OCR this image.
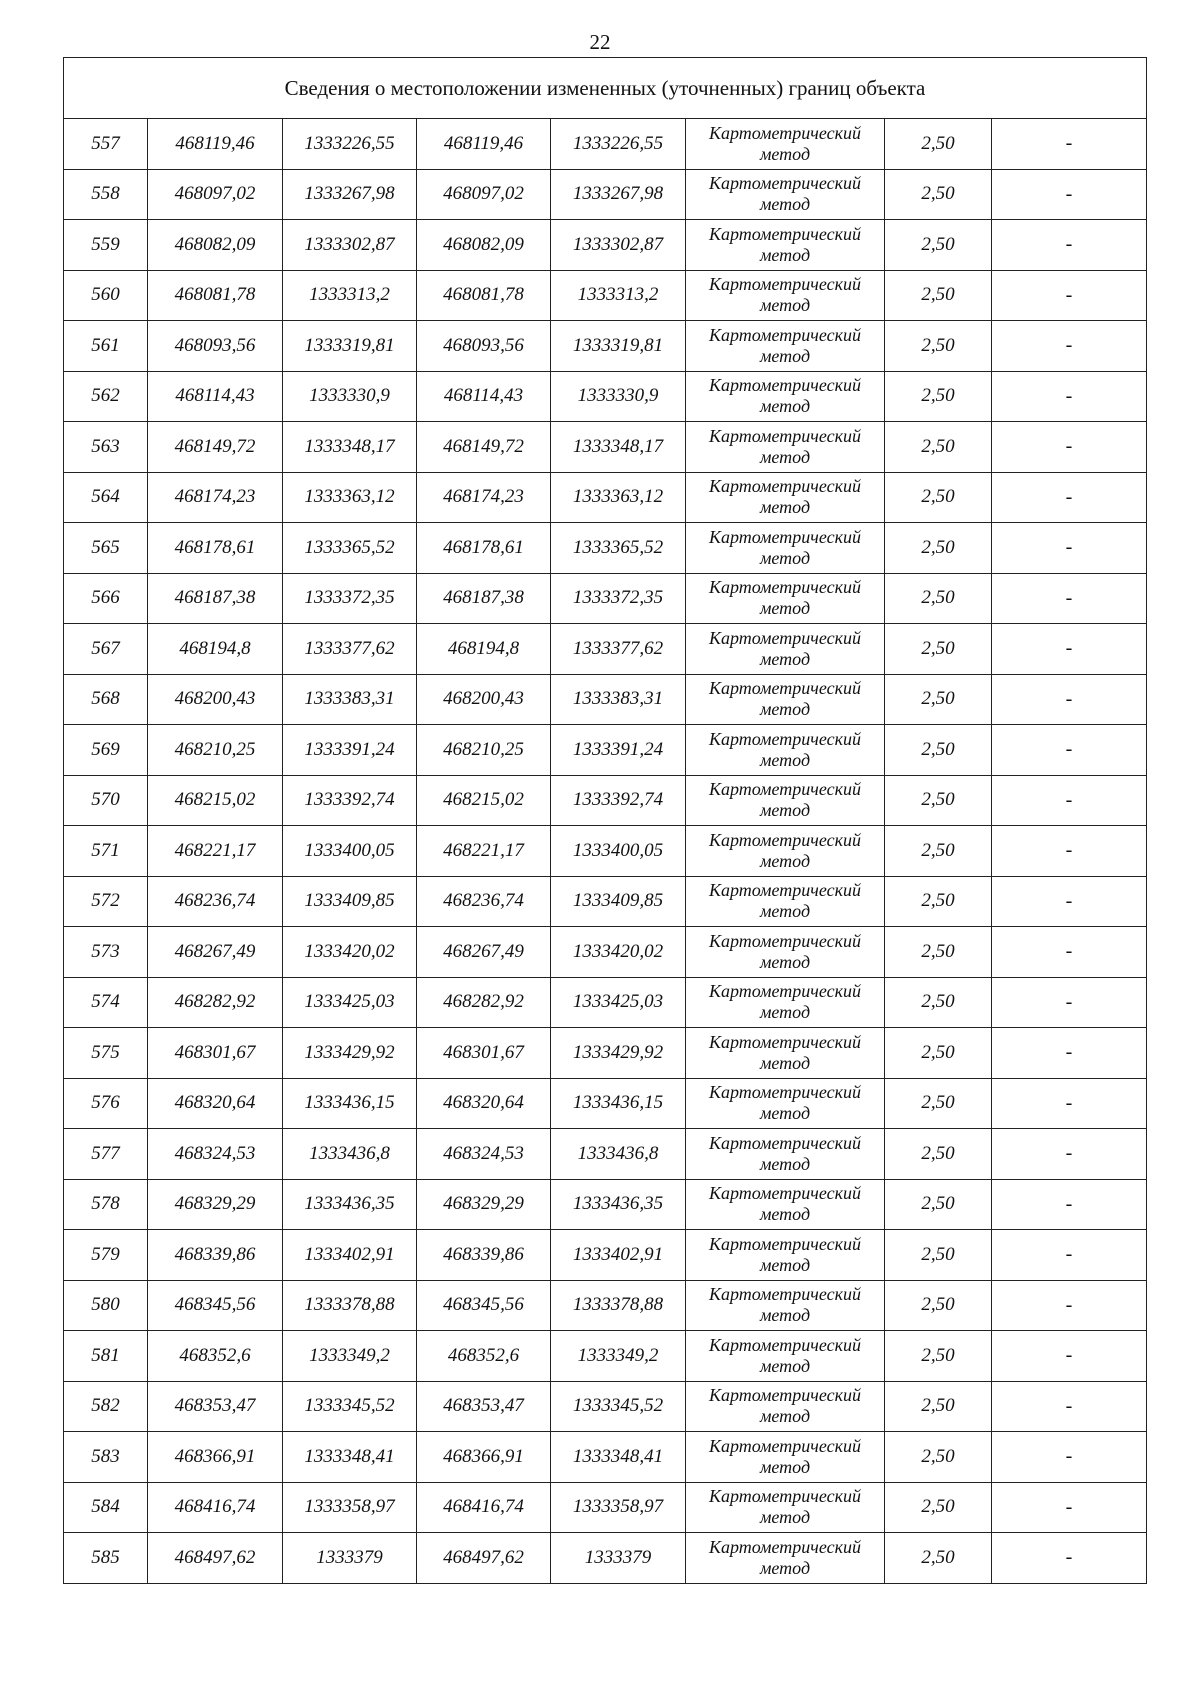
22
Сведения о местоположении измененных (уточненных) границ объекта							
557	468119,46	1333226,55	468119,46	1333226,55	Картометрический
метод	2,50	-
558	468097,02	1333267,98	468097,02	1333267,98	Картометрический
метод	2,50	-
559	468082,09	1333302,87	468082,09	1333302,87	Картометрический
метод	2,50	-
560	468081,78	1333313,2	468081,78	1333313,2	Картометрический
метод	2,50	-
561	468093,56	1333319,81	468093,56	1333319,81	Картометрический
метод	2,50	-
562	468114,43	1333330,9	468114,43	1333330,9	Картометрический
метод	2,50	-
563	468149,72	1333348,17	468149,72	1333348,17	Картометрический
метод	2,50	-
564	468174,23	1333363,12	468174,23	1333363,12	Картометрический
метод	2,50	-
565	468178,61	1333365,52	468178,61	1333365,52	Картометрический
метод	2,50	-
566	468187,38	1333372,35	468187,38	1333372,35	Картометрический
метод	2,50	-
567	468194,8	1333377,62	468194,8	1333377,62	Картометрический
метод	2,50	-
568	468200,43	1333383,31	468200,43	1333383,31	Картометрический
метод	2,50	-
569	468210,25	1333391,24	468210,25	1333391,24	Картометрический
метод	2,50	-
570	468215,02	1333392,74	468215,02	1333392,74	Картометрический
метод	2,50	-
571	468221,17	1333400,05	468221,17	1333400,05	Картометрический
метод	2,50	-
572	468236,74	1333409,85	468236,74	1333409,85	Картометрический
метод	2,50	-
573	468267,49	1333420,02	468267,49	1333420,02	Картометрический
метод	2,50	-
574	468282,92	1333425,03	468282,92	1333425,03	Картометрический
метод	2,50	-
575	468301,67	1333429,92	468301,67	1333429,92	Картометрический
метод	2,50	-
576	468320,64	1333436,15	468320,64	1333436,15	Картометрический
метод	2,50	-
577	468324,53	1333436,8	468324,53	1333436,8	Картометрический
метод	2,50	-
578	468329,29	1333436,35	468329,29	1333436,35	Картометрический
метод	2,50	-
579	468339,86	1333402,91	468339,86	1333402,91	Картометрический
метод	2,50	-
580	468345,56	1333378,88	468345,56	1333378,88	Картометрический
метод	2,50	-
581	468352,6	1333349,2	468352,6	1333349,2	Картометрический
метод	2,50	-
582	468353,47	1333345,52	468353,47	1333345,52	Картометрический
метод	2,50	-
583	468366,91	1333348,41	468366,91	1333348,41	Картометрический
метод	2,50	-
584	468416,74	1333358,97	468416,74	1333358,97	Картометрический
метод	2,50	-
585	468497,62	1333379	468497,62	1333379	Картометрический
метод	2,50	-
